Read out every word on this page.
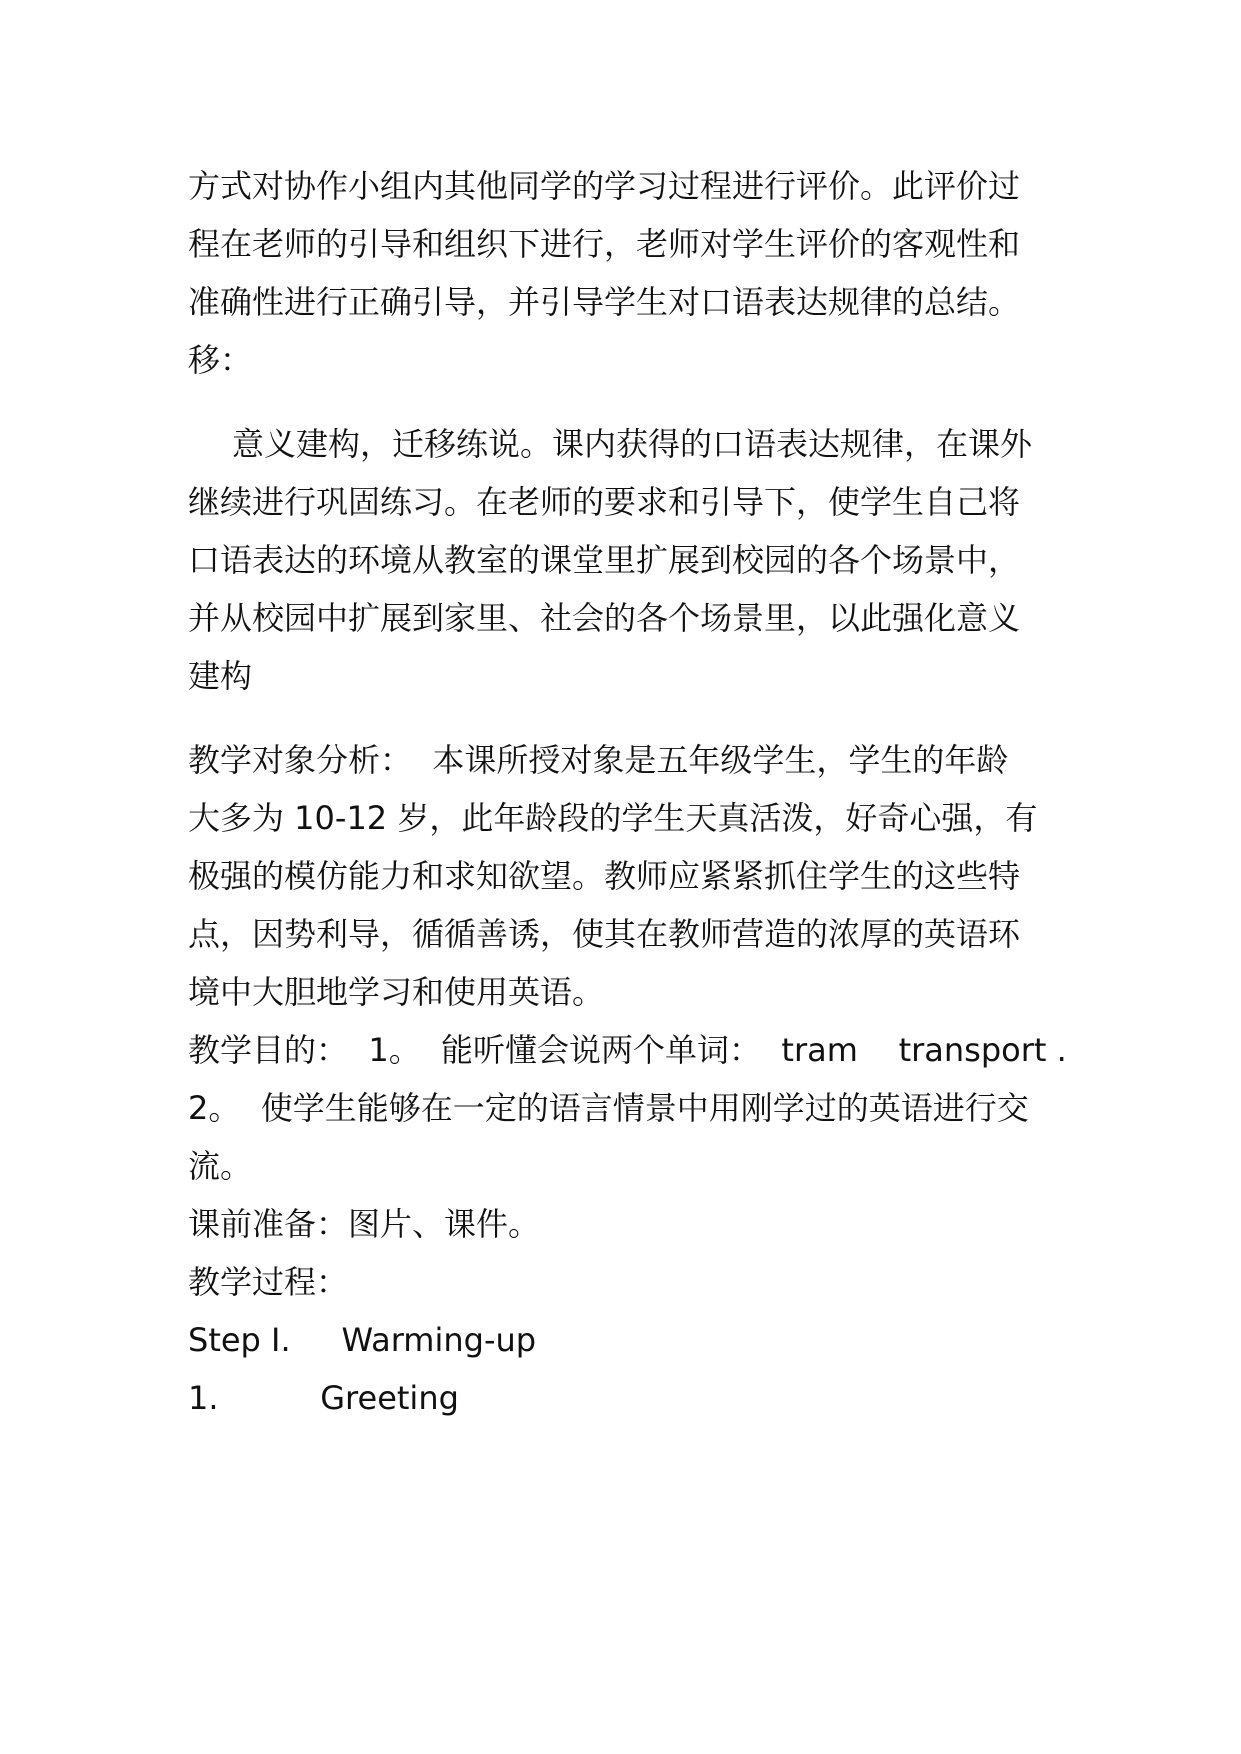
方式对协作小组内其他同学的学习过程进行评价。此评价过
程在老师的引导和组织下进行，老师对学生评价的客观性和
准确性进行正确引导，并引导学生对口语表达规律的总结。
移：
意义建构，迁移练说。课内获得的口语表达规律，在课外
继续进行巩固练习。在老师的要求和引导下，使学生自己将
口语表达的环境从教室的课堂里扩展到校园的各个场景中，
并从校园中扩展到家里、社会的各个场景里，以此强化意义
建构
教学对象分析：  本课所授对象是五年级学生，学生的年龄
大多为 10-12 岁，此年龄段的学生天真活泼，好奇心强，有
极强的模仿能力和求知欲望。教师应紧紧抓住学生的这些特
点，因势利导，循循善诱，使其在教师营造的浓厚的英语环
境中大胆地学习和使用英语。
教学目的：  1。  能听懂会说两个单词：  tram    transport .
2。  使学生能够在一定的语言情景中用刚学过的英语进行交
流。
课前准备：图片、课件。
教学过程：
Step I.     Warming-up
1.          Greeting
